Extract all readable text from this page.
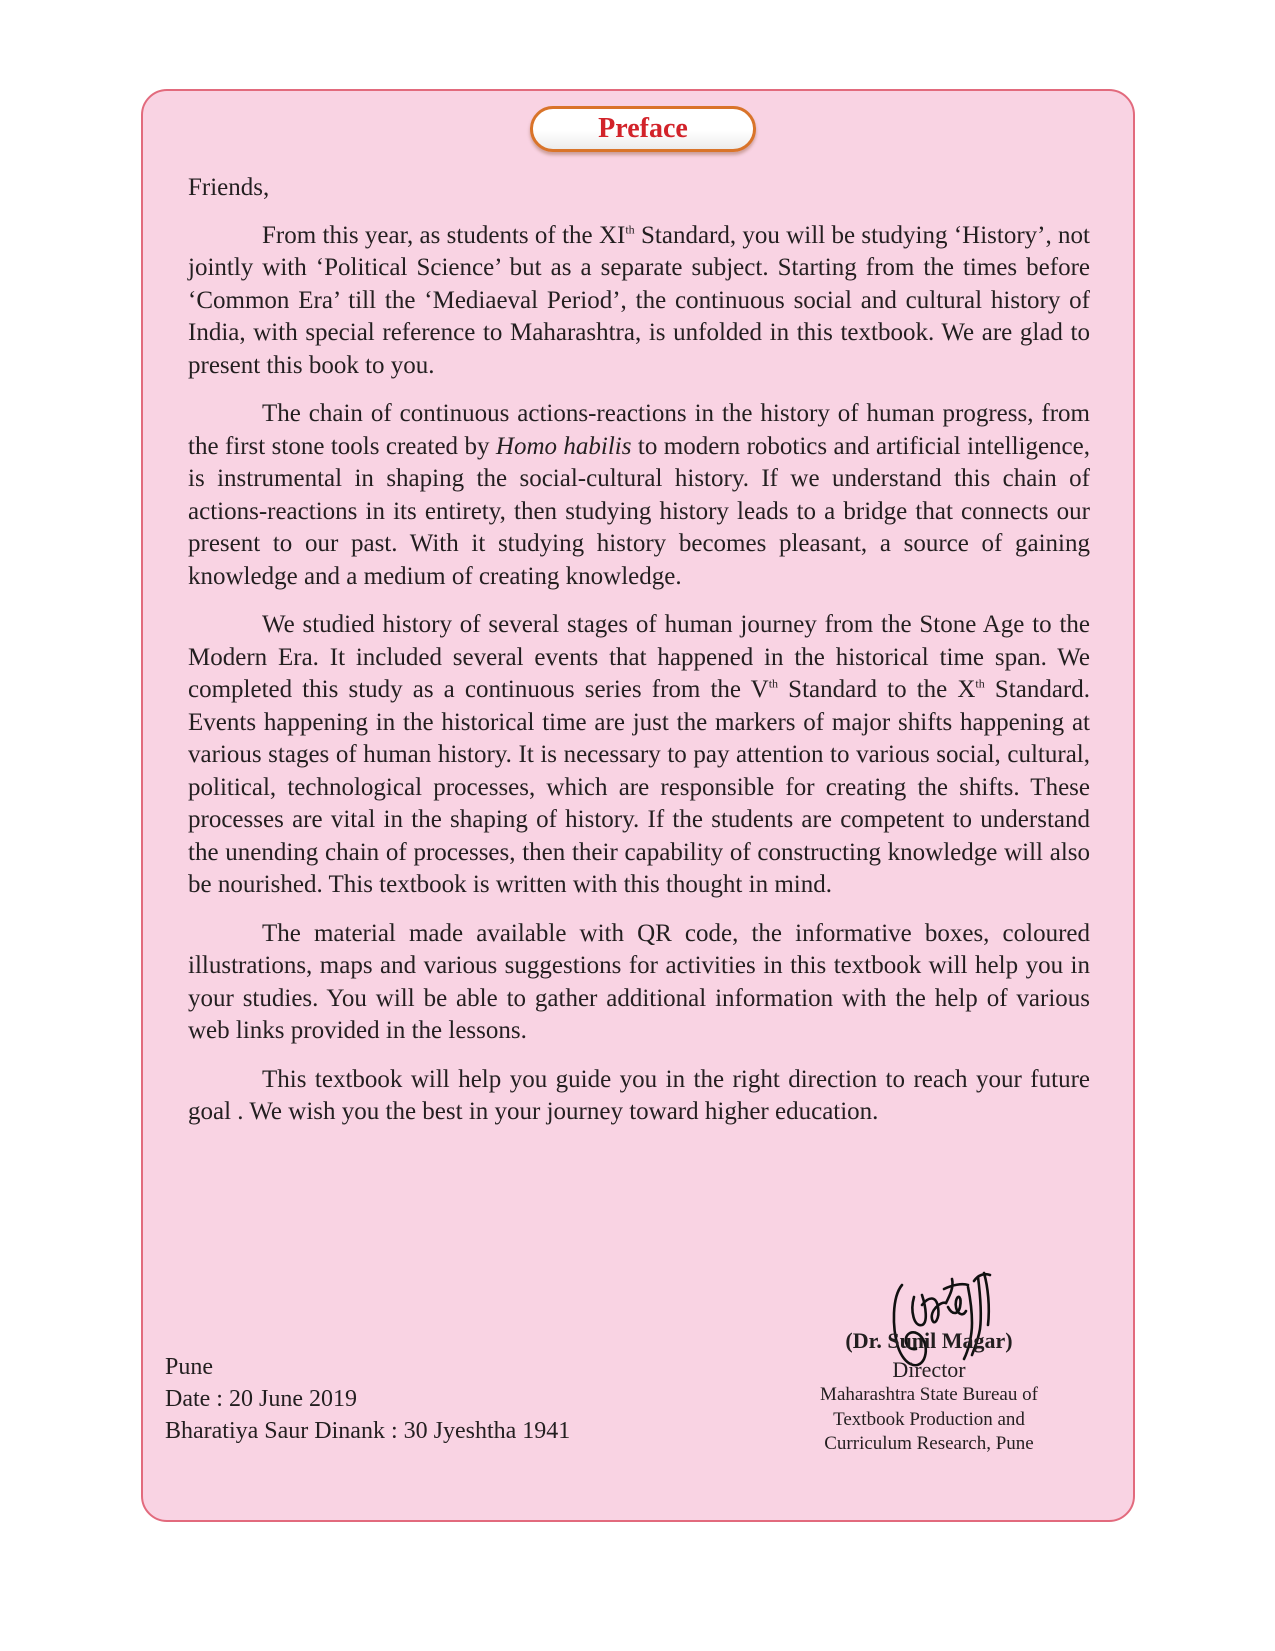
Preface

Friends,

From this year, as students of the XIth Standard, you will be studying ‘History’, not jointly with ‘Political Science’ but as a separate subject. Starting from the times before ‘Common Era’ till the ‘Mediaeval Period’, the continuous social and cultural history of India, with special reference to Maharashtra, is unfolded in this textbook. We are glad to present this book to you.

The chain of continuous actions-reactions in the history of human progress, from the first stone tools created by Homo habilis to modern robotics and artificial intelligence, is instrumental in shaping the social-cultural history. If we understand this chain of actions-reactions in its entirety, then studying history leads to a bridge that connects our present to our past. With it studying history becomes pleasant, a source of gaining knowledge and a medium of creating knowledge.

We studied history of several stages of human journey from the Stone Age to the Modern Era. It included several events that happened in the historical time span. We completed this study as a continuous series from the Vth Standard to the Xth Standard. Events happening in the historical time are just the markers of major shifts happening at various stages of human history. It is necessary to pay attention to various social, cultural, political, technological processes, which are responsible for creating the shifts. These processes are vital in the shaping of history. If the students are competent to understand the unending chain of processes, then their capability of constructing knowledge will also be nourished. This textbook is written with this thought in mind.

The material made available with QR code, the informative boxes, coloured illustrations, maps and various suggestions for activities in this textbook will help you in your studies. You will be able to gather additional information with the help of various web links provided in the lessons.

This textbook will help you guide you in the right direction to reach your future goal . We wish you the best in your journey toward higher education.

(Dr. Sunil Magar)
Director
Maharashtra State Bureau of
Textbook Production and
Curriculum Research, Pune
Pune
Date : 20 June 2019
Bharatiya Saur Dinank : 30 Jyeshtha 1941
